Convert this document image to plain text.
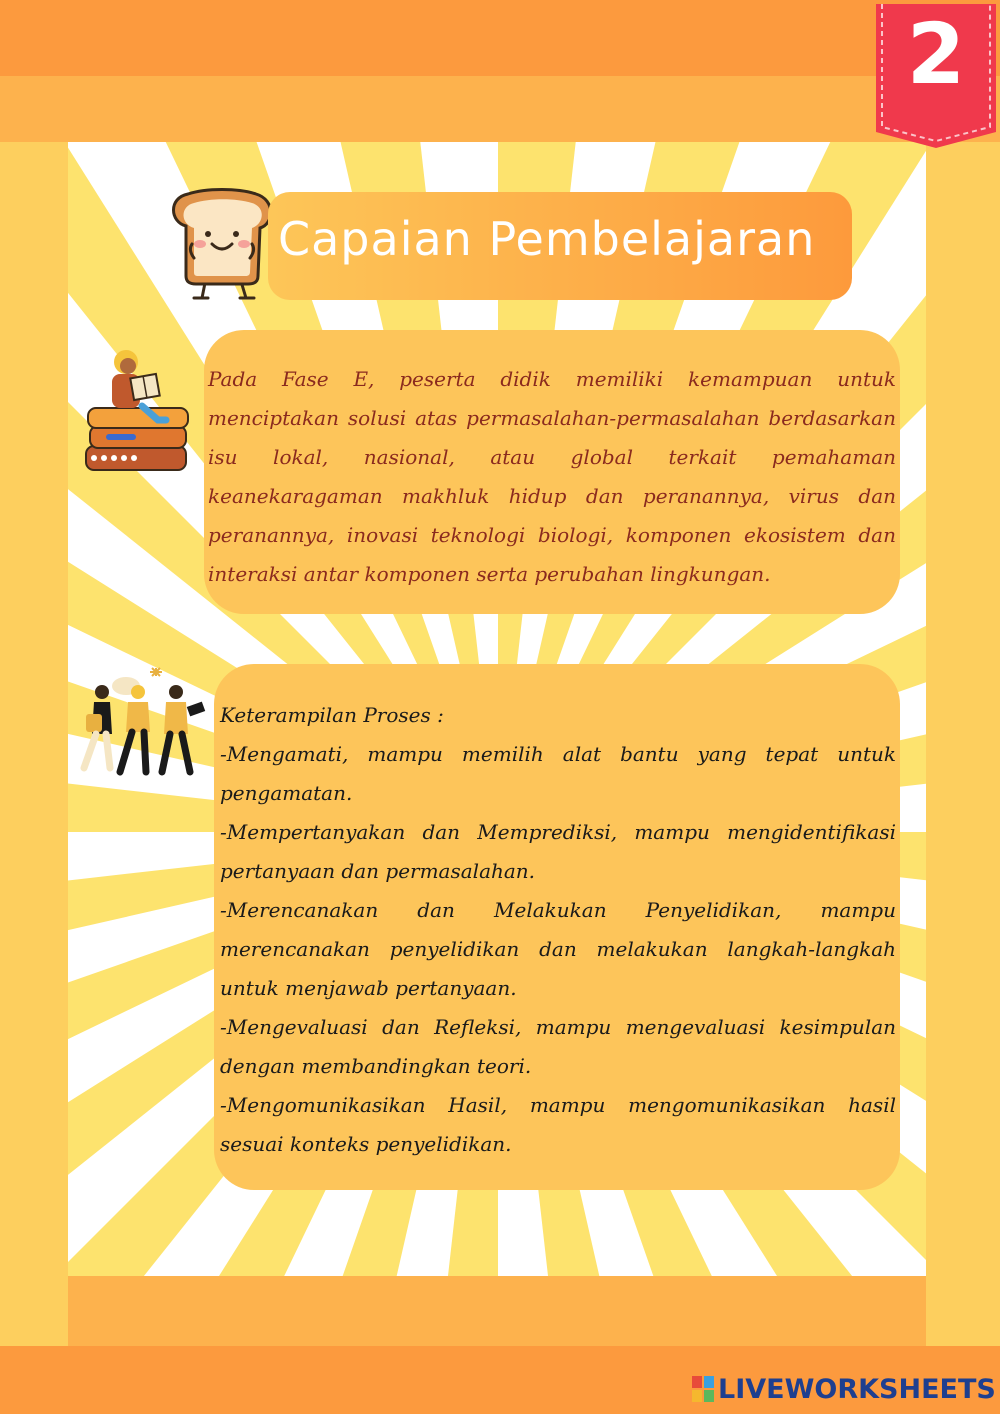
2
Capaian Pembelajaran

Pada Fase E, peserta didik memiliki kemampuan untuk menciptakan solusi atas permasalahan-permasalahan berdasarkan isu lokal, nasional, atau global terkait pemahaman keanekaragaman makhluk hidup dan peranannya, virus dan peranannya, inovasi teknologi biologi, komponen ekosistem dan interaksi antar komponen serta perubahan lingkungan.

Keterampilan Proses :

-Mengamati, mampu memilih alat bantu yang tepat untuk pengamatan.

-Mempertanyakan dan Memprediksi, mampu mengidentifikasi pertanyaan dan permasalahan.

-Merencanakan dan Melakukan Penyelidikan, mampu merencanakan penyelidikan dan melakukan langkah-langkah untuk menjawab pertanyaan.

-Mengevaluasi dan Refleksi, mampu mengevaluasi kesimpulan dengan membandingkan teori.

-Mengomunikasikan Hasil, mampu mengomunikasikan hasil sesuai konteks penyelidikan.

LIVEWORKSHEETS
